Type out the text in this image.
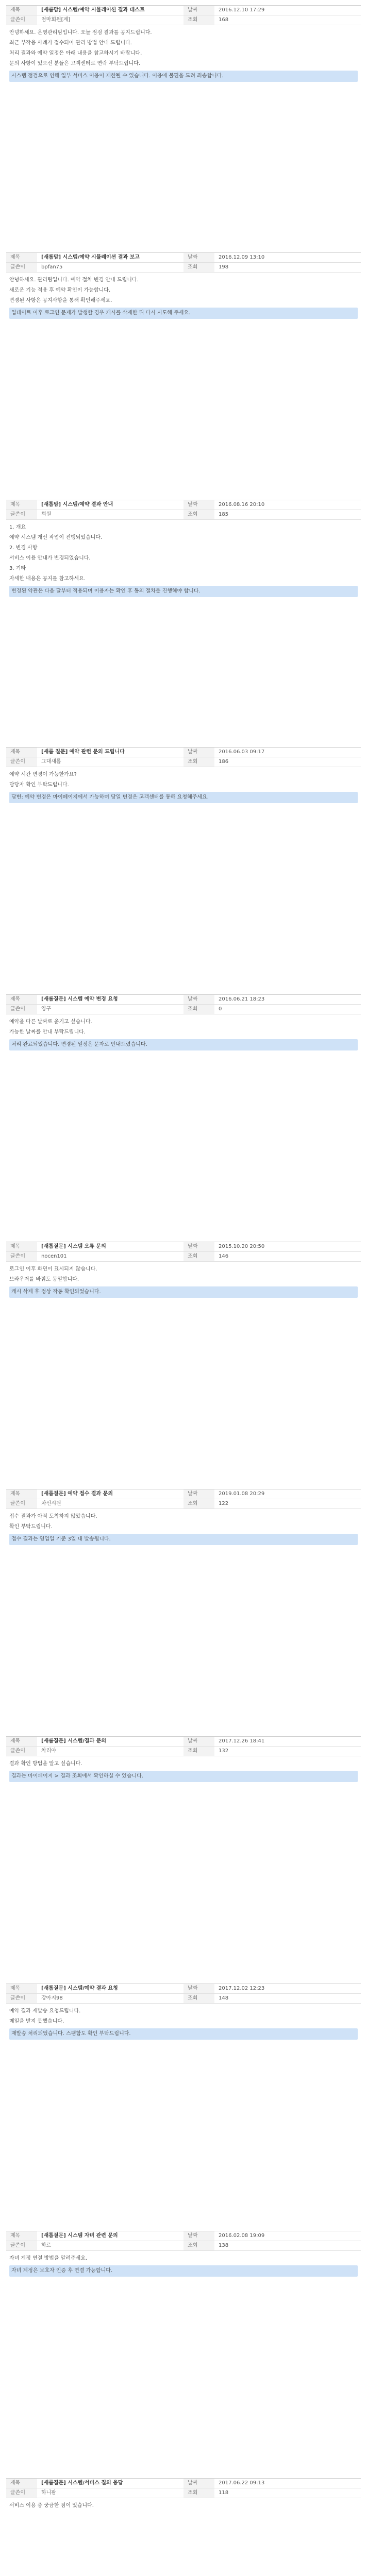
제목	[새롭맘] 시스템/예약 시뮬레이션 결과 테스트	날짜	2016.12.10 17:29
글쓴이	엄마회원[계]	조회	168

안녕하세요. 운영관리팀입니다. 오늘 점검 결과를 공지드립니다.

최근 부작용 사례가 접수되어 관리 방법 안내 드립니다.

처리 결과와 예약 일정은 아래 내용을 참고하시기 바랍니다.

문의 사항이 있으신 분들은 고객센터로 연락 부탁드립니다.

시스템 점검으로 인해 일부 서비스 이용이 제한될 수 있습니다. 이용에 불편을 드려 죄송합니다.
제목	[새롭맘] 시스템/예약 시뮬레이션 결과 보고	날짜	2016.12.09 13:10
글쓴이	bpfan75	조회	198

안녕하세요. 관리팀입니다. 예약 절차 변경 안내 드립니다.

새로운 기능 적용 후 예약 확인이 가능합니다.

변경된 사항은 공지사항을 통해 확인해주세요.

업데이트 이후 로그인 문제가 발생할 경우 캐시를 삭제한 뒤 다시 시도해 주세요.
제목	[새롭맘] 시스템/예약 결과 안내	날짜	2016.08.16 20:10
글쓴이	회원	조회	185

1. 개요

예약 시스템 개선 작업이 진행되었습니다.

2. 변경 사항

서비스 이용 안내가 변경되었습니다.

3. 기타

자세한 내용은 공지를 참고하세요.

변경된 약관은 다음 달부터 적용되며 이용자는 확인 후 동의 절차를 진행해야 합니다.
제목	[새롭 질문] 예약 관련 문의 드립니다	날짜	2016.06.03 09:17
글쓴이	그대새롭	조회	186

예약 시간 변경이 가능한가요?

담당자 확인 부탁드립니다.

답변: 예약 변경은 마이페이지에서 가능하며 당일 변경은 고객센터를 통해 요청해주세요.
제목	[새롭질문] 시스템 예약 변경 요청	날짜	2016.06.21 18:23
글쓴이	양구	조회	0

예약을 다른 날짜로 옮기고 싶습니다.

가능한 날짜를 안내 부탁드립니다.

처리 완료되었습니다. 변경된 일정은 문자로 안내드렸습니다.
제목	[새롭질문] 시스템 오류 문의	날짜	2015.10.20 20:50
글쓴이	nocen101	조회	146

로그인 이후 화면이 표시되지 않습니다.

브라우저를 바꿔도 동일합니다.

캐시 삭제 후 정상 작동 확인되었습니다.
제목	[새롭질문] 예약 접수 결과 문의	날짜	2019.01.08 20:29
글쓴이	차선시원	조회	122

접수 결과가 아직 도착하지 않았습니다.

확인 부탁드립니다.

접수 결과는 영업일 기준 3일 내 발송됩니다.
제목	[새롭질문] 시스템/결과 문의	날짜	2017.12.26 18:41
글쓴이	차리야	조회	132

결과 확인 방법을 알고 싶습니다.

결과는 마이페이지 > 결과 조회에서 확인하실 수 있습니다.
제목	[새롭질문] 시스템/예약 결과 요청	날짜	2017.12.02 12:23
글쓴이	강아지98	조회	148

예약 결과 재발송 요청드립니다.

메일을 받지 못했습니다.

재발송 처리되었습니다. 스팸함도 확인 부탁드립니다.
제목	[새롭질문] 시스템 자녀 관련 문의	날짜	2016.02.08 19:09
글쓴이	하르	조회	138

자녀 계정 연결 방법을 알려주세요.

자녀 계정은 보호자 인증 후 연결 가능합니다.
제목	[새롭질문] 시스템/서비스 질의 응답	날짜	2017.06.22 09:13
글쓴이	하니팜	조회	118

서비스 이용 중 궁금한 점이 있습니다.
